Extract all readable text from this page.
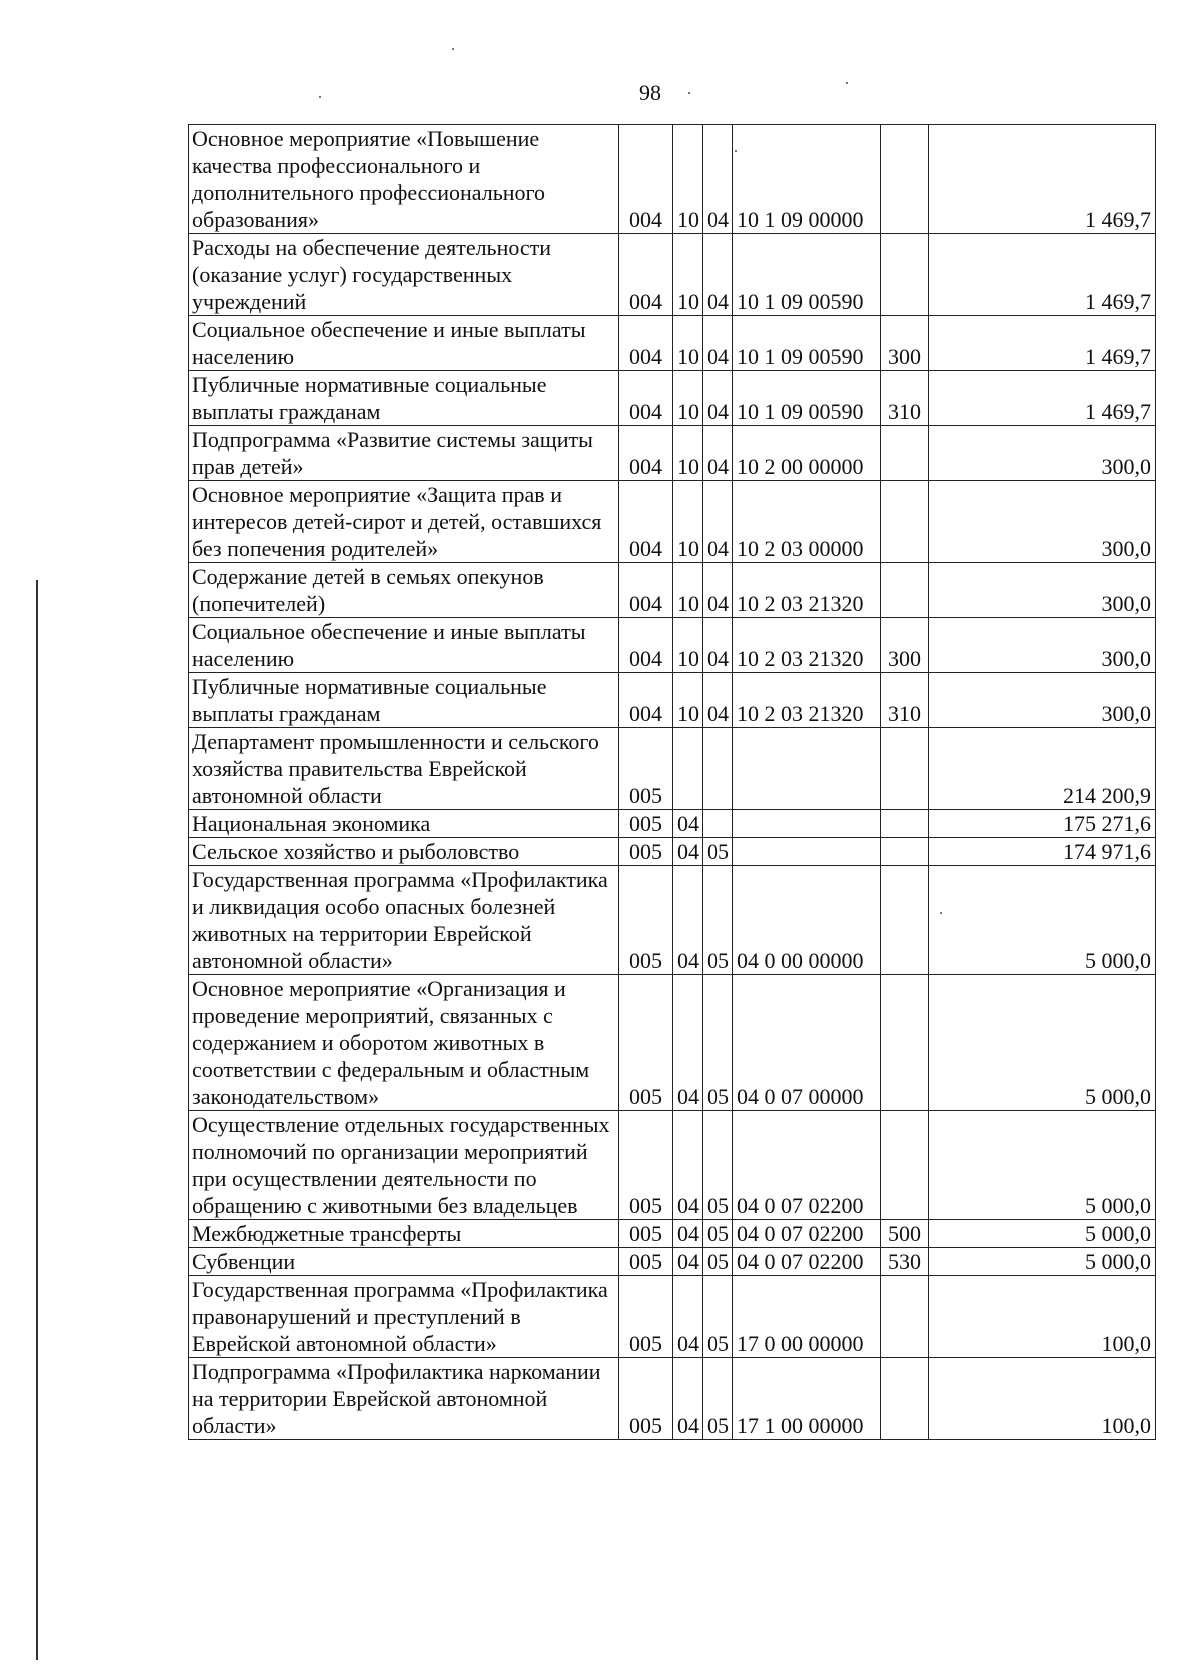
98
Основное мероприятие «Повышение качества профессионального и дополнительного профессионального образования»	004	10	04	10 1 09 00000		1 469,7
Расходы на обеспечение деятельности (оказание услуг) государственных учреждений	004	10	04	10 1 09 00590		1 469,7
Социальное обеспечение и иные выплаты населению	004	10	04	10 1 09 00590	300	1 469,7
Публичные нормативные социальные выплаты гражданам	004	10	04	10 1 09 00590	310	1 469,7
Подпрограмма «Развитие системы защиты прав детей»	004	10	04	10 2 00 00000		300,0
Основное мероприятие «Защита прав и интересов детей-сирот и детей, оставшихся без попечения родителей»	004	10	04	10 2 03 00000		300,0
Содержание детей в семьях опекунов (попечителей)	004	10	04	10 2 03 21320		300,0
Социальное обеспечение и иные выплаты населению	004	10	04	10 2 03 21320	300	300,0
Публичные нормативные социальные выплаты гражданам	004	10	04	10 2 03 21320	310	300,0
Департамент промышленности и сельского хозяйства правительства Еврейской автономной области	005					214 200,9
Национальная экономика	005	04				175 271,6
Сельское хозяйство и рыболовство	005	04	05			174 971,6
Государственная программа «Профилактика и ликвидация особо опасных болезней животных на территории Еврейской автономной области»	005	04	05	04 0 00 00000		5 000,0
Основное мероприятие «Организация и проведение мероприятий, связанных с содержанием и оборотом животных в соответствии с федеральным и областным законодательством»	005	04	05	04 0 07 00000		5 000,0
Осуществление отдельных государственных полномочий по организации мероприятий при осуществлении деятельности по обращению с животными без владельцев	005	04	05	04 0 07 02200		5 000,0
Межбюджетные трансферты	005	04	05	04 0 07 02200	500	5 000,0
Субвенции	005	04	05	04 0 07 02200	530	5 000,0
Государственная программа «Профилактика правонарушений и преступлений в Еврейской автономной области»	005	04	05	17 0 00 00000		100,0
Подпрограмма «Профилактика наркомании на территории Еврейской автономной области»	005	04	05	17 1 00 00000		100,0
